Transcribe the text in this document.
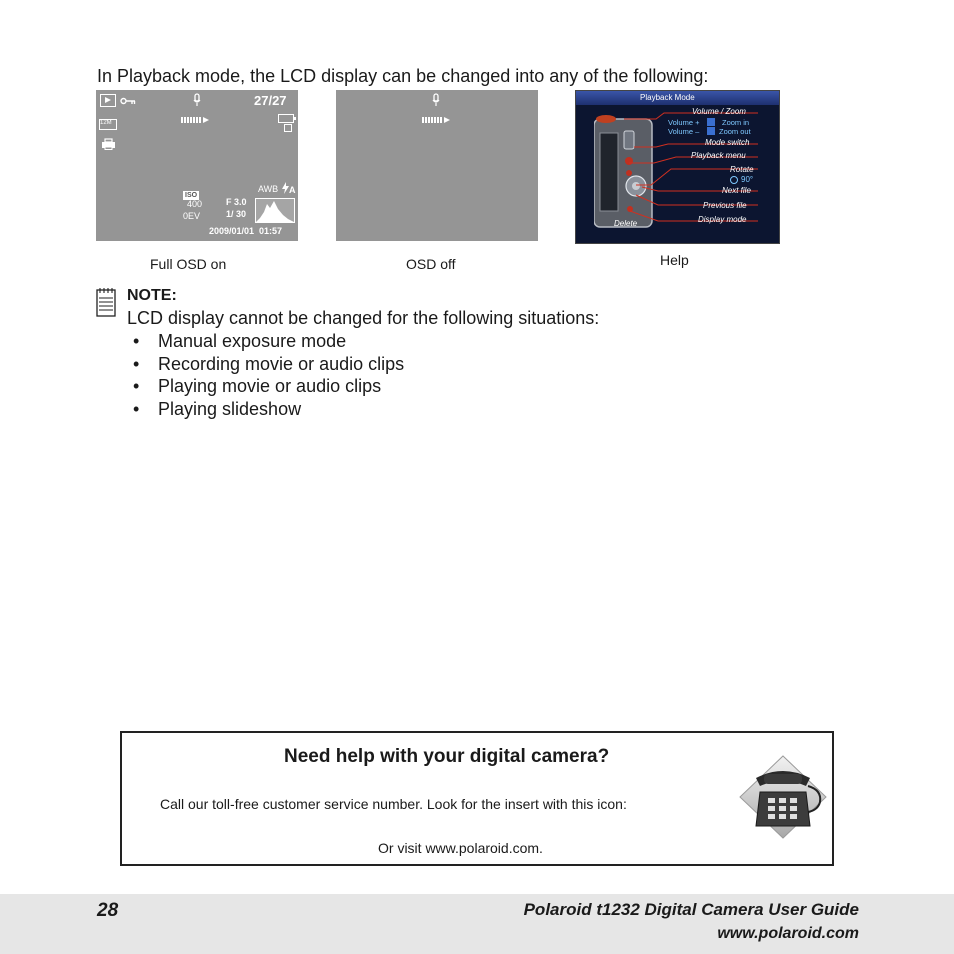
In Playback mode, the LCD display can be changed into any of the following:
27/27
12M
ISO
400
0EV
AWB A
F 3.0
1/ 30
2009/01/01  01:57
Playback Mode
Volume / Zoom
Volume +	Zoom in
Volume –	Zoom out
Mode switch
Playback menu
Rotate
90°
Next file
Previous file
Display mode
Delete
Full OSD on	OSD off	Help
NOTE:
LCD display cannot be changed for the following situations:
• Manual exposure mode
• Recording movie or audio clips
• Playing movie or audio clips
• Playing slideshow
Need help with your digital camera?
Call our toll-free customer service number. Look for the insert with this icon:
Or visit www.polaroid.com.
28	Polaroid t1232 Digital Camera User Guide
www.polaroid.com
